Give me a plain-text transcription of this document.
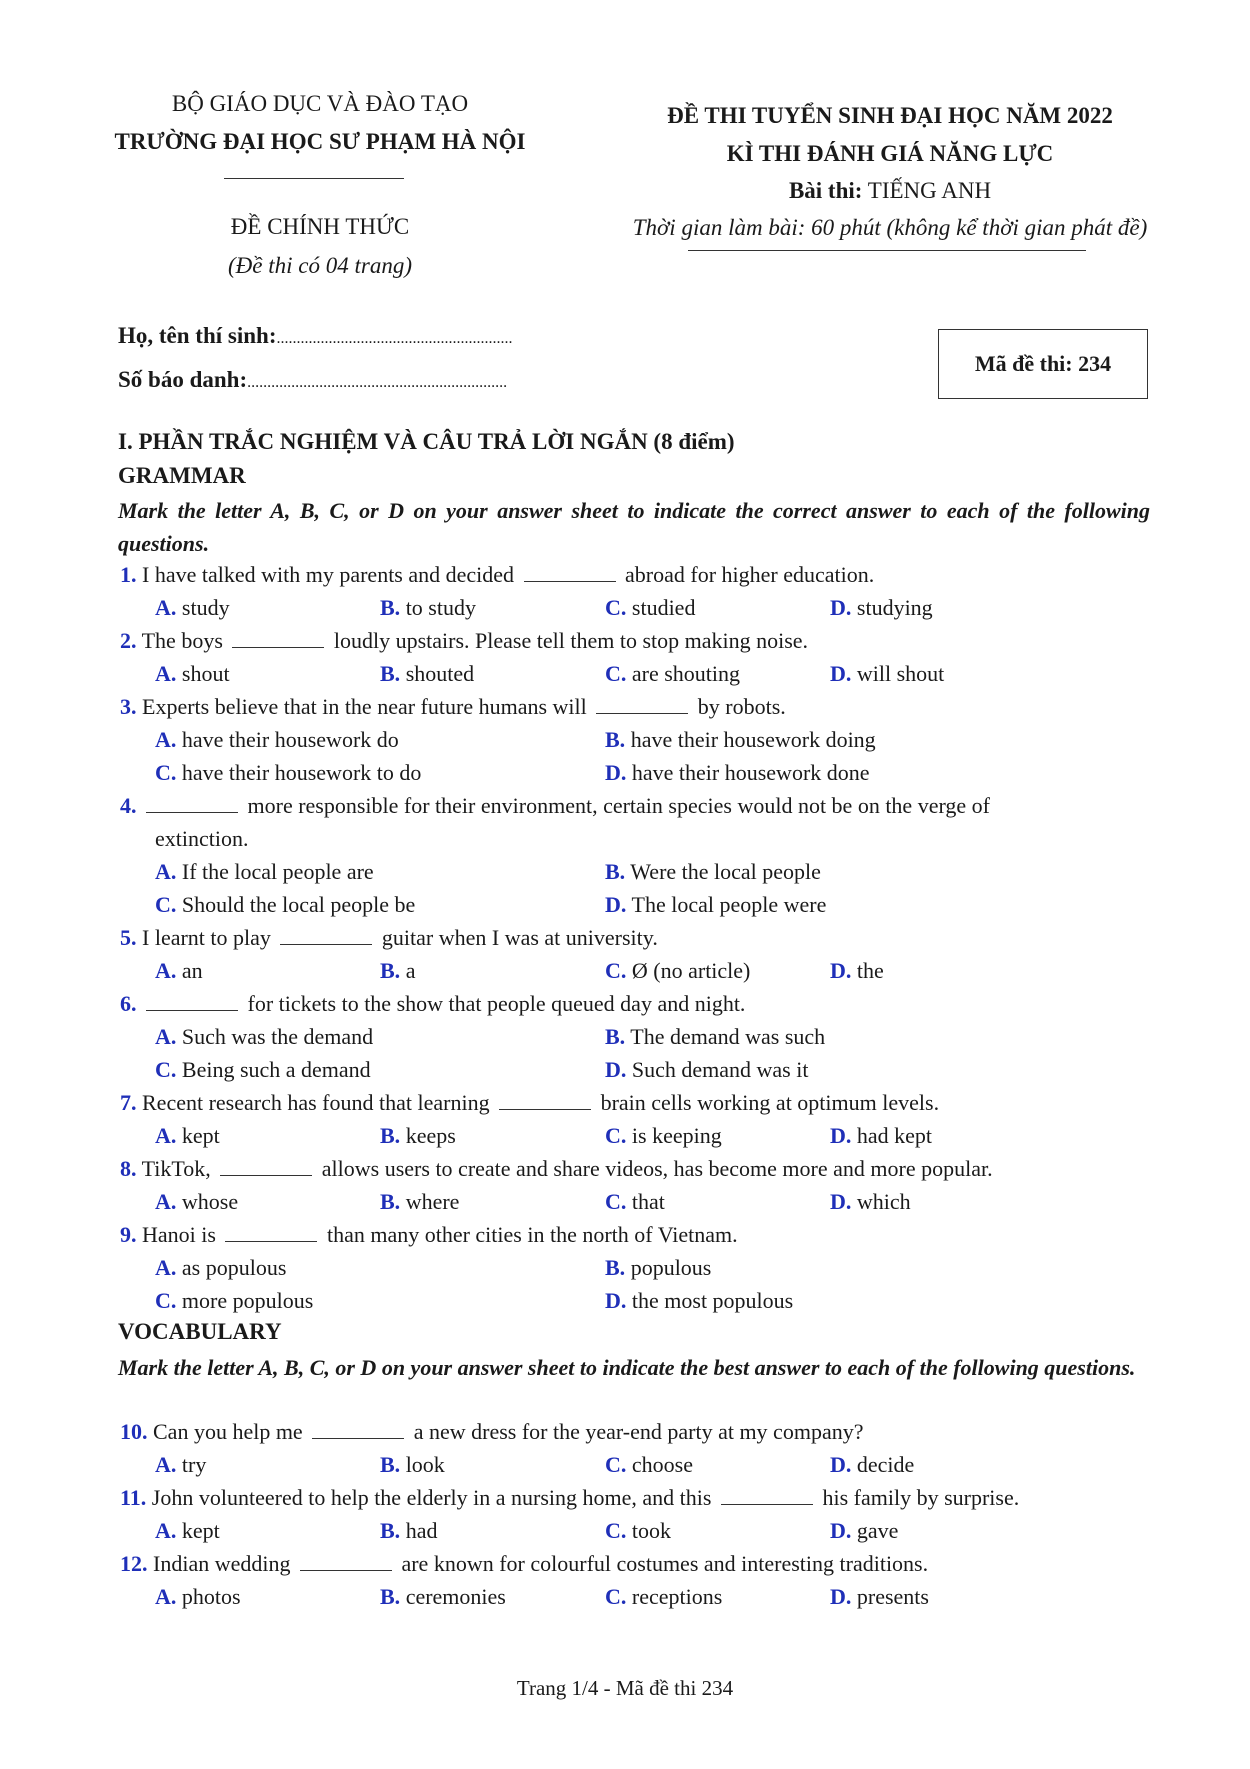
BỘ GIÁO DỤC VÀ ĐÀO TẠO
TRƯỜNG ĐẠI HỌC SƯ PHẠM HÀ NỘI
ĐỀ CHÍNH THỨC
(Đề thi có 04 trang)
ĐỀ THI TUYỂN SINH ĐẠI HỌC NĂM 2022
KÌ THI ĐÁNH GIÁ NĂNG LỰC
Bài thi: TIẾNG ANH
Thời gian làm bài: 60 phút (không kể thời gian phát đề)
Họ, tên thí sinh:...........................................................
Số báo danh:.................................................................
Mã đề thi: 234
I. PHẦN TRẮC NGHIỆM VÀ CÂU TRẢ LỜI NGẮN (8 điểm)
GRAMMAR
Mark the letter A, B, C, or D on your answer sheet to indicate the correct answer to each of the following questions.
1. I have talked with my parents and decided	abroad for higher education.
A. study	B. to study	C. studied	D. studying
2. The boys	loudly upstairs. Please tell them to stop making noise.
A. shout	B. shouted	C. are shouting	D. will shout
3. Experts believe that in the near future humans will	by robots.
A. have their housework do	B. have their housework doing
C. have their housework to do	D. have their housework done
4.	more responsible for their environment, certain species would not be on the verge of
extinction.
A. If the local people are	B. Were the local people
C. Should the local people be	D. The local people were
5. I learnt to play	guitar when I was at university.
A. an	B. a	C. Ø (no article)	D. the
6.	for tickets to the show that people queued day and night.
A. Such was the demand	B. The demand was such
C. Being such a demand	D. Such demand was it
7. Recent research has found that learning	brain cells working at optimum levels.
A. kept	B. keeps	C. is keeping	D. had kept
8. TikTok,	allows users to create and share videos, has become more and more popular.
A. whose	B. where	C. that	D. which
9. Hanoi is	than many other cities in the north of Vietnam.
A. as populous	B. populous
C. more populous	D. the most populous
VOCABULARY
Mark the letter A, B, C, or D on your answer sheet to indicate the best answer to each of the following questions.
10. Can you help me	a new dress for the year-end party at my company?
A. try	B. look	C. choose	D. decide
11. John volunteered to help the elderly in a nursing home, and this	his family by surprise.
A. kept	B. had	C. took	D. gave
12. Indian wedding	are known for colourful costumes and interesting traditions.
A. photos	B. ceremonies	C. receptions	D. presents
Trang 1/4 - Mã đề thi 234
